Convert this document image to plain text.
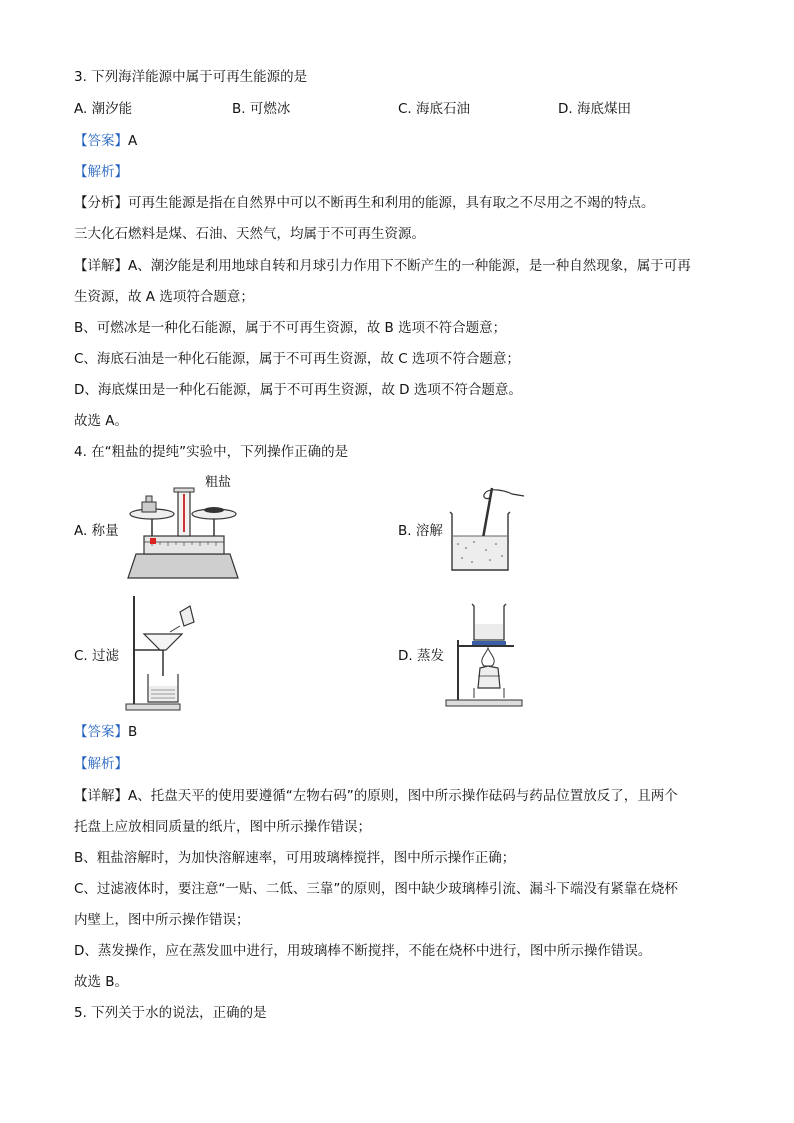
3. 下列海洋能源中属于可再生能源的是
A. 潮汐能	B. 可燃冰	C. 海底石油	D. 海底煤田
【答案】A
【解析】
【分析】可再生能源是指在自然界中可以不断再生和利用的能源，具有取之不尽用之不竭的特点。
三大化石燃料是煤、石油、天然气，均属于不可再生资源。
【详解】A、潮汐能是利用地球自转和月球引力作用下不断产生的一种能源，是一种自然现象，属于可再
生资源，故 A 选项符合题意；
B、可燃冰是一种化石能源，属于不可再生资源，故 B 选项不符合题意；
C、海底石油是一种化石能源，属于不可再生资源，故 C 选项不符合题意；
D、海底煤田是一种化石能源，属于不可再生资源，故 D 选项不符合题意。
故选 A。
4. 在“粗盐的提纯”实验中，下列操作正确的是
A. 称量	B. 溶解
C. 过滤	D. 蒸发
粗盐
【答案】B
【解析】
【详解】A、托盘天平的使用要遵循“左物右码”的原则，图中所示操作砝码与药品位置放反了，且两个
托盘上应放相同质量的纸片，图中所示操作错误；
B、粗盐溶解时，为加快溶解速率，可用玻璃棒搅拌，图中所示操作正确；
C、过滤液体时，要注意“一贴、二低、三靠”的原则，图中缺少玻璃棒引流、漏斗下端没有紧靠在烧杯
内壁上，图中所示操作错误；
D、蒸发操作，应在蒸发皿中进行，用玻璃棒不断搅拌，不能在烧杯中进行，图中所示操作错误。
故选 B。
5. 下列关于水的说法，正确的是
